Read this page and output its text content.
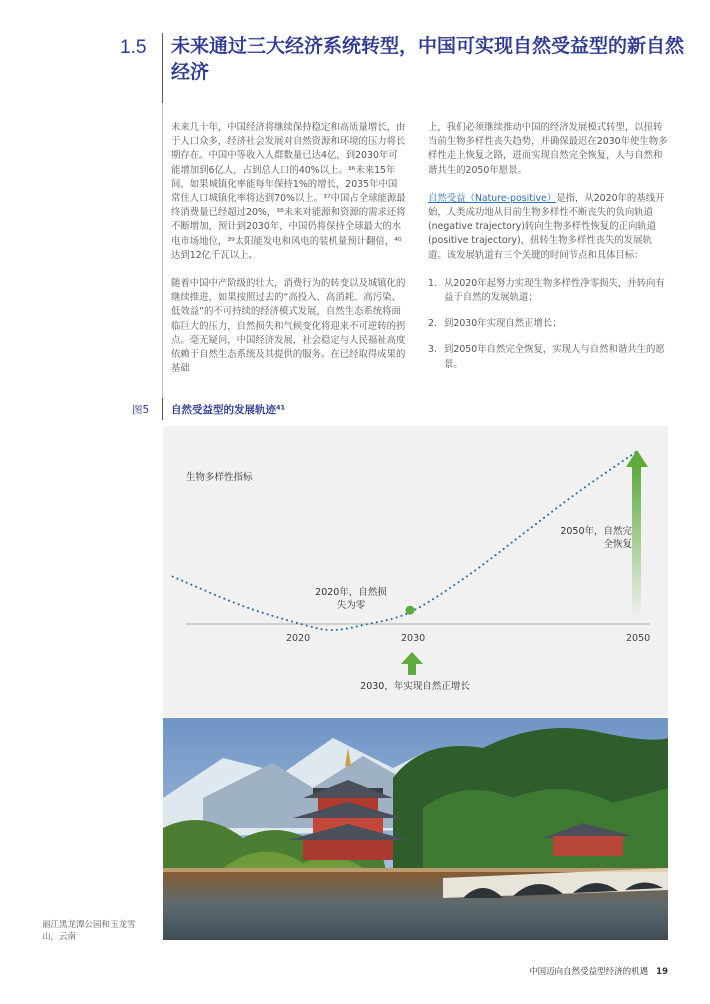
1.5 未来通过三大经济系统转型，中国可实现自然受益型的新自然经济

未来几十年，中国经济将继续保持稳定和高质量增长，由于人口众多，经济社会发展对自然资源和环境的压力将长期存在。中国中等收入人群数量已达4亿，到2030年可能增加到6亿人，占到总人口的40%以上。³⁶未来15年间，如果城镇化率能每年保持1%的增长，2035年中国常住人口城镇化率将达到70%以上。³⁷中国占全球能源最终消费量已经超过20%，³⁸未来对能源和资源的需求还将不断增加，预计到2030年，中国仍将保持全球最大的水电市场地位，³⁹太阳能发电和风电的装机量预计翻倍，⁴⁰达到12亿千瓦以上。

随着中国中产阶级的壮大，消费行为的转变以及城镇化的继续推进，如果按照过去的“高投入、高消耗、高污染、低效益”的不可持续的经济模式发展，自然生态系统将面临巨大的压力，自然损失和气候变化将迎来不可逆转的拐点。毫无疑问，中国经济发展，社会稳定与人民福祉高度依赖于自然生态系统及其提供的服务。在已经取得成果的基础

上，我们必须继续推动中国的经济发展模式转型，以扭转当前生物多样性丧失趋势，并确保最迟在2030年使生物多样性走上恢复之路，进而实现自然完全恢复，人与自然和谐共生的2050年愿景。

自然受益（Nature-positive）是指，从2020年的基线开始，人类成功地从目前生物多样性不断丧失的负向轨道(negative trajectory)转向生物多样性恢复的正向轨道(positive trajectory)，扭转生物多样性丧失的发展轨道。该发展轨道有三个关键的时间节点和具体目标：

1. 从2020年起努力实现生物多样性净零损失，并转向有益于自然的发展轨道；
2. 到2030年实现自然正增长；
3. 到2050年自然完全恢复，实现人与自然和谐共生的愿景。
图5 自然受益型的发展轨迹⁴¹
生物多样性指标
2020	2030	2050
2020年，自然损失为零
2030，年实现自然正增长
2050年，自然完全恢复
丽江黑龙潭公园和玉龙雪山，云南
中国迈向自然受益型经济的机遇 19
